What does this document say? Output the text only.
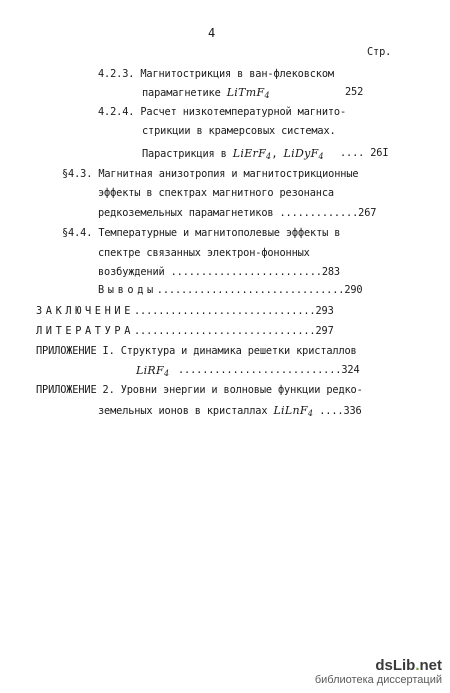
4
Стр.
4.2.3. Магнитострикция в ван-флековском
парамагнетике LiTmF$_4$	252
4.2.4. Расчет низкотемпературной магнито-
стрикции в крамерсовых системах.
Парастрикция в LiErF$_4$, LiDyF$_4$ .... 26I
§4.3. Магнитная анизотропия и магнитострикционные
эффекты в спектрах магнитного резонанса
редкоземельных парамагнетиков .............267
§4.4. Температурные и магнитополевые эффекты в
спектре связанных электрон-фононных
возбуждений .........................283
Выводы...............................290
ЗАКЛЮЧЕНИЕ..............................293
ЛИТЕРАТУРА..............................297
ПРИЛОЖЕНИЕ I. Структура и динамика решетки кристаллов
LiRF$_4$ ...........................324
ПРИЛОЖЕНИЕ 2. Уровни энергии и волновые функции редко-
земельных ионов в кристаллах LiLnF$_4$ ....336
dsLib.net
библиотека диссертаций
